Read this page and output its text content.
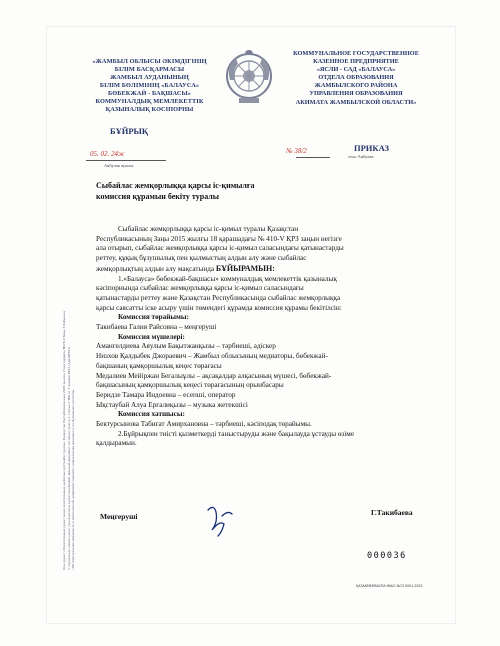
«ЖАМБЫЛ ОБЛЫСЫ ӘКІМДІГІНІҢ
БІЛІМ БАСҚАРМАСЫ
ЖАМБЫЛ АУДАНЫНЫҢ
БІЛІМ БӨЛІМІНІҢ «БАЛАУСА»
БӨБЕКЖАЙ - БАҚШАСЫ»
КОММУНАЛДЫҚ МЕМЛЕКЕТТІК
ҚАЗЫНАЛЫҚ КӘСІПОРНЫ
КОММУНАЛЬНОЕ ГОСУДАРСТВЕННОЕ
КАЗЕННОЕ ПРЕДПРИЯТИЕ
«ЯСЛИ - САД «БАЛАУСА»
ОТДЕЛА ОБРАЗОВАНИЯ
ЖАМБЫЛСКОГО РАЙОНА
УПРАВЛЕНИЯ ОБРАЗОВАНИЯ
АКИМАТА ЖАМБЫЛСКОЙ ОБЛАСТИ»
БҰЙРЫҚ
ПРИКАЗ
05. 02. 24ж
Аябулак ауылы
№ 38/2
село Аябулак
Сыбайлас жемқорлыққа қарсы іс-қимылға
комиссия құрамын бекіту туралы
Сыбайлас жемқорлыққа қарсы іс-қимыл туралы Қазақстан
Республикасының Заңы 2015 жылғы 18 қарашадағы № 410-V ҚРЗ заңын негізге
ала отырып, сыбайлас жемқорлыққа қарсы іс-қимыл саласындағы қатынастарды
реттеу, құқық бұзушылық пен қылмыстың алдын алу және сыбайлас
жемқорлықтың алдын алу мақсатында БҰЙЫРАМЫН:
1.«Балауса» бөбекжай-бақшасы» коммуналдық мемлекеттік қазыналық
кәсіпорнында сыбайлас жемқорлыққа қарсы іс-қимыл саласындағы
қатынастарды реттеу және Қазақстан Республикасында сыбайлас жемқорлыққа
қарсы саясатты іске асыру үшін төмендегі құрамда комиссия құрамы бекітілсін:
Комиссия төрайымы:
Такибаева Галия Райсовна – меңгеруші
Комиссия мүшелері:
Амангелдиева Аяулым Бақытжанқызы – тәрбиеші, әдіскер
Низхов Қалдыбек Джораевич – Жамбыл облысының медиаторы, бөбекжай-
бақшаның қамқоршылық кеңес төрағасы
Медалиев Мейіржан Бегалыұлы – ақсақалдар алқасының мүшесі, бөбекжай-
бақшасының қамқоршылық кеңесі төрағасының орынбасары
Беридзе Тамара Индоевна – есепші, оператор
Ықстаубай Алуа Ерғалиқызы – музыка жетекшісі
Комиссия хатшысы:
Бектурсынова Табиғат Амирхановна – тәрбиеші, кәсіподақ төрайымы.
2.Бұйрықпен тиісті қызметкерді таныстыруды және бақылауда ұстауды өзіме
қалдырамын.
Меңгеруші	Г.Такибаева
000036
ҚАЗАҚМЕМБАСПА·ЖШС №13 0001-2020
Осы құжат «Электрондық құжат және электрондық цифрлық қолтаңба туралы» Қазақстан Республикасының 2003 жылғы 7 қаңтардағы N370-II Заңы 7 бабының 1 тармағына сәйкес қағаз тасығыштағы құжатпен бірдей. Данный документ согласно пункту 1 статьи 7 ЗРК от 7 января 2003 года N370-II «Об электронном документе и электронной цифровой подписи» равнозначен документу на бумажном носителе.
